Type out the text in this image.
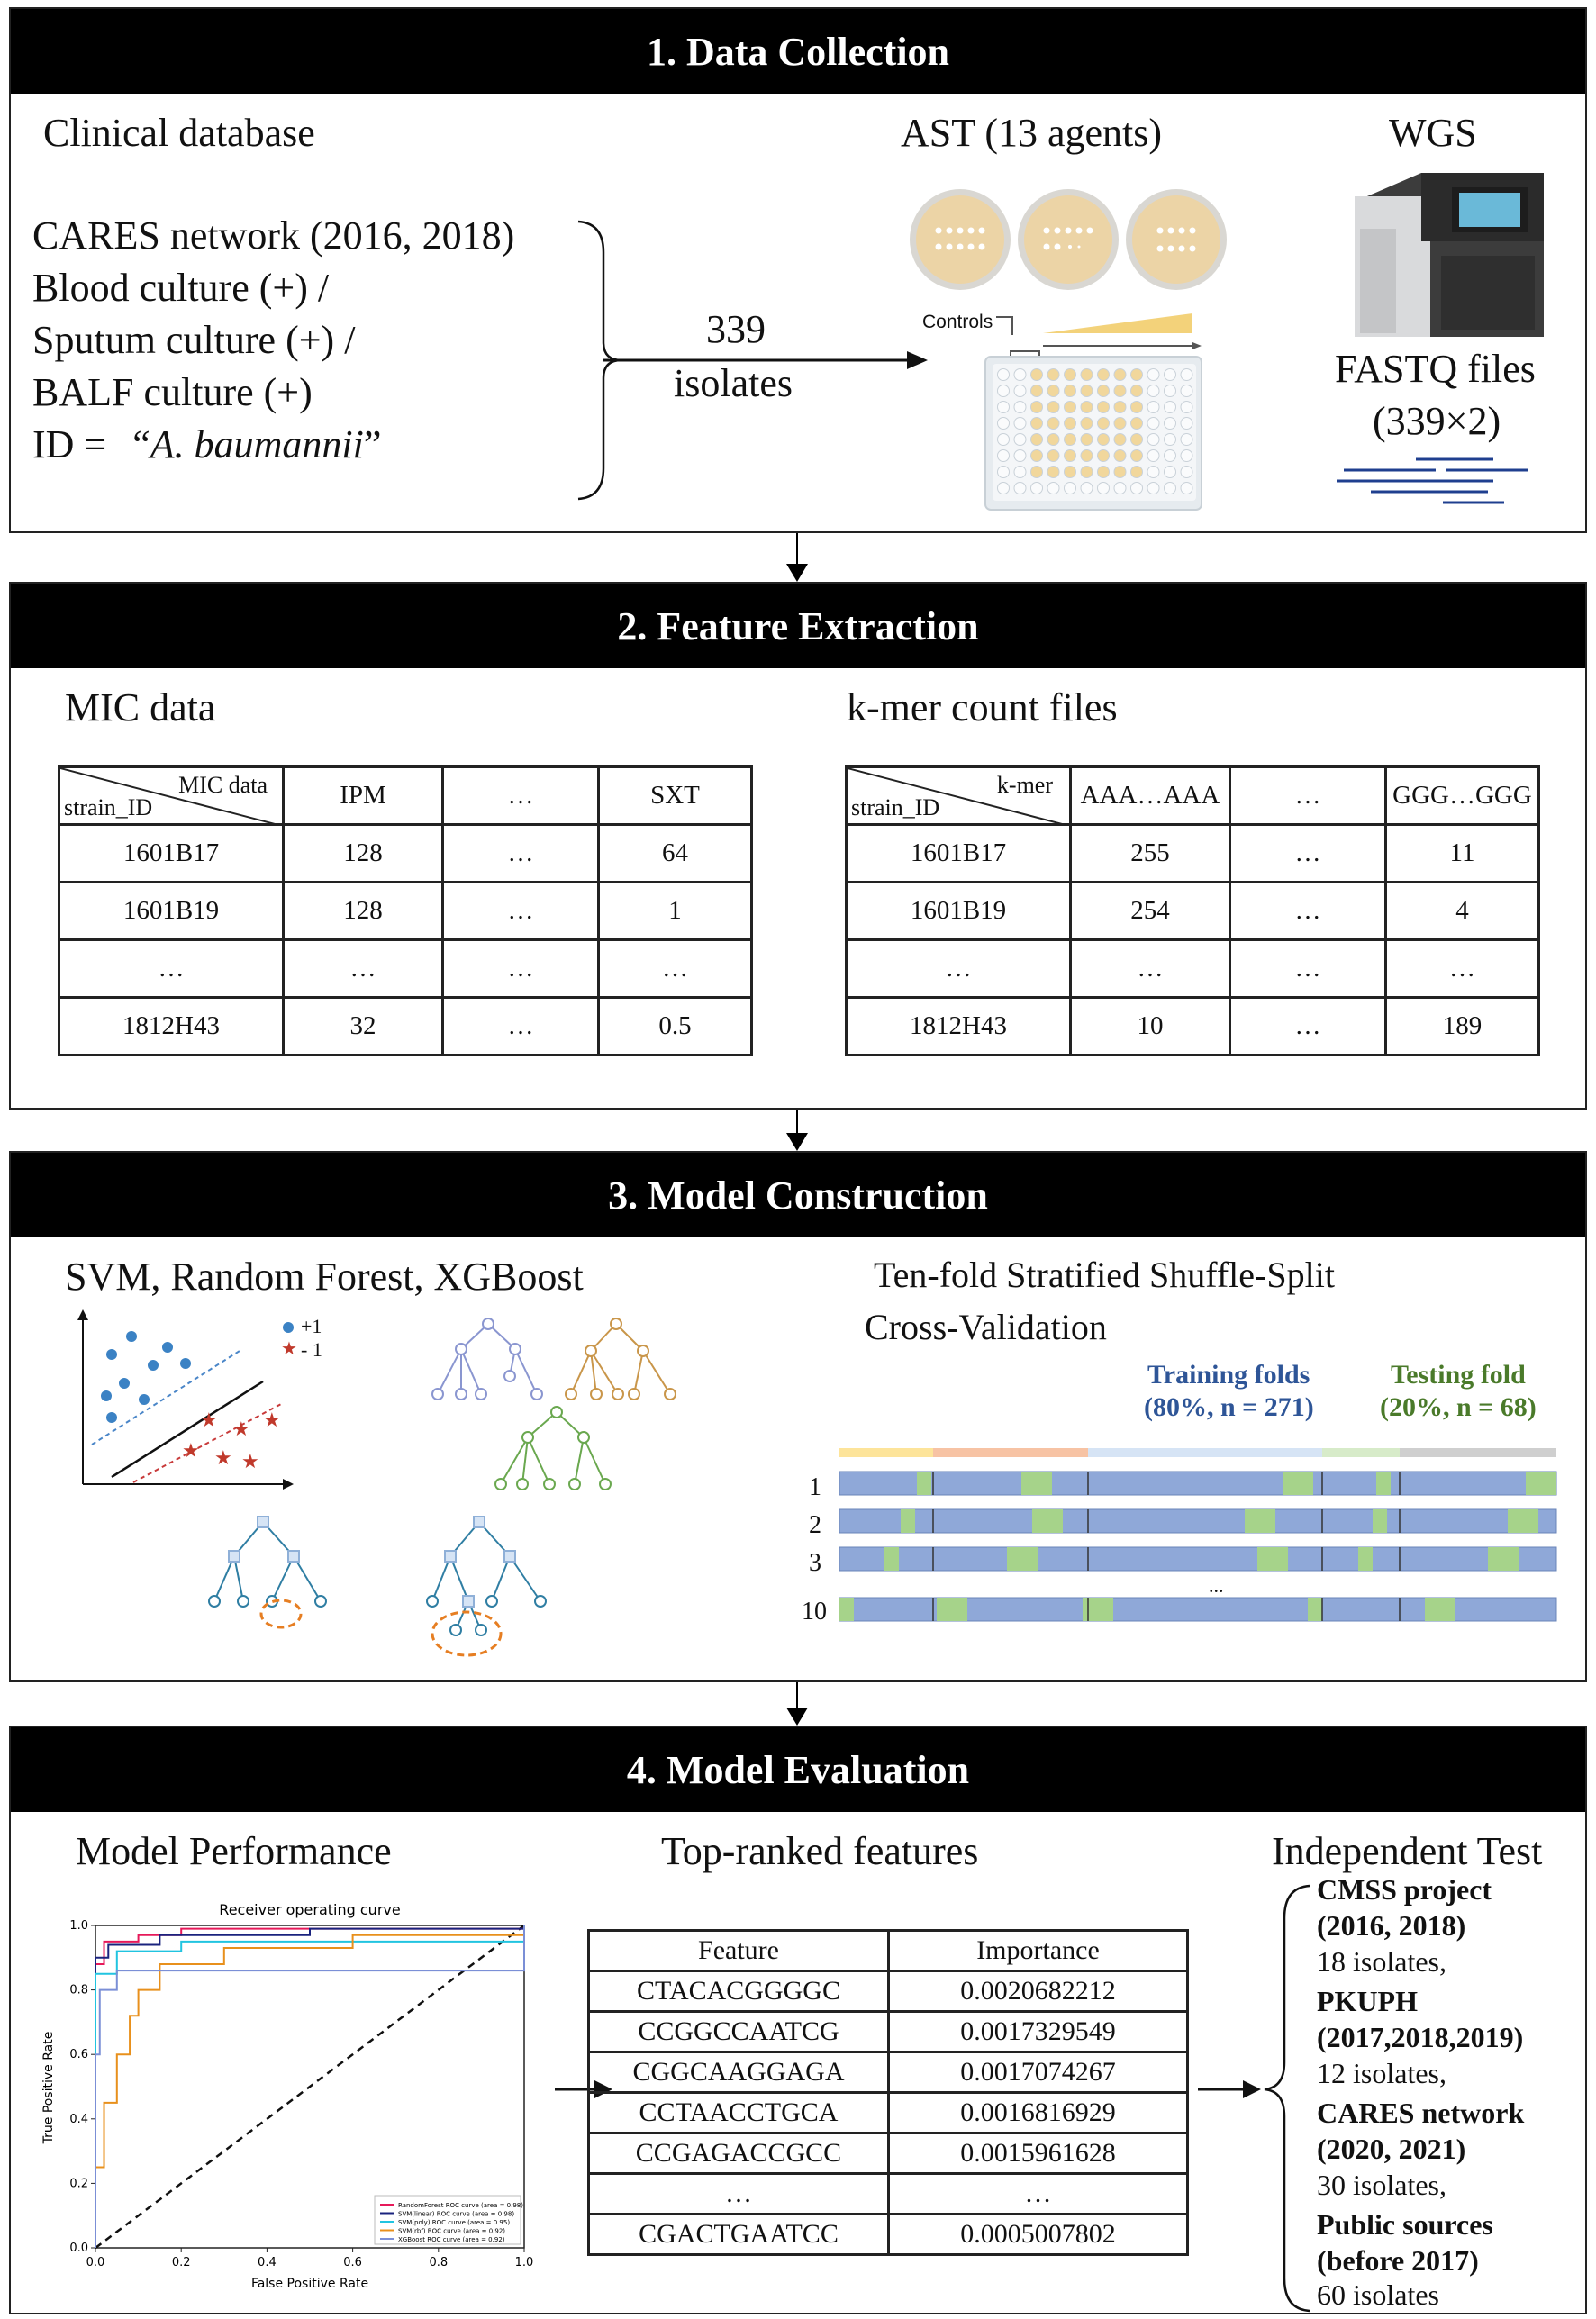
1. Data Collection
Clinical database
CARES network (2016, 2018)
Blood culture (+) /
Sputum culture (+) /
BALF culture (+)
ID = “A. baumannii”
339
isolates
AST (13 agents)
Controls
WGS
FASTQ files
(339×2)
2. Feature Extraction
MIC data	k-mer count files
MIC data
strain_ID	IPM	…	SXT
1601B17	128	…	64
1601B19	128	…	1
…	…	…	…
1812H43	32	…	0.5
k-mer
strain_ID	AAA…AAA	…	GGG…GGG
1601B17	255	…	11
1601B19	254	…	4
…	…	…	…
1812H43	10	…	189
3. Model Construction
SVM, Random Forest, XGBoost
★ ★ ★
★ ★ ★
★
+1
- 1
Ten-fold Stratified Shuffle-Split
Cross-Validation
Training folds
(80%, n = 271)
Testing fold
(20%, n = 68)
1
2
3
...
10
4. Model Evaluation
Model Performance	Top-ranked features	Independent Test
Receiver operating curve
False Positive Rate
True Positive Rate
0.0
0.0
0.2
0.2
0.4
0.4
0.6
0.6
0.8
0.8
1.0
1.0
RandomForest ROC curve (area = 0.98)
SVM(linear) ROC curve (area = 0.98)
SVM(poly) ROC curve (area = 0.95)
SVM(rbf) ROC curve (area = 0.92)
XGBoost ROC curve (area = 0.92)
Feature	Importance
CTACACGGGGC	0.0020682212
CCGGCCAATCG	0.0017329549
CGGCAAGGAGA	0.0017074267
CCTAACCTGCA	0.0016816929
CCGAGACCGCC	0.0015961628
…	…
CGACTGAATCC	0.0005007802
CMSS project
(2016, 2018)
18 isolates,
PKUPH
(2017,2018,2019)
12 isolates,
CARES network
(2020, 2021)
30 isolates,
Public sources
(before 2017)
60 isolates
